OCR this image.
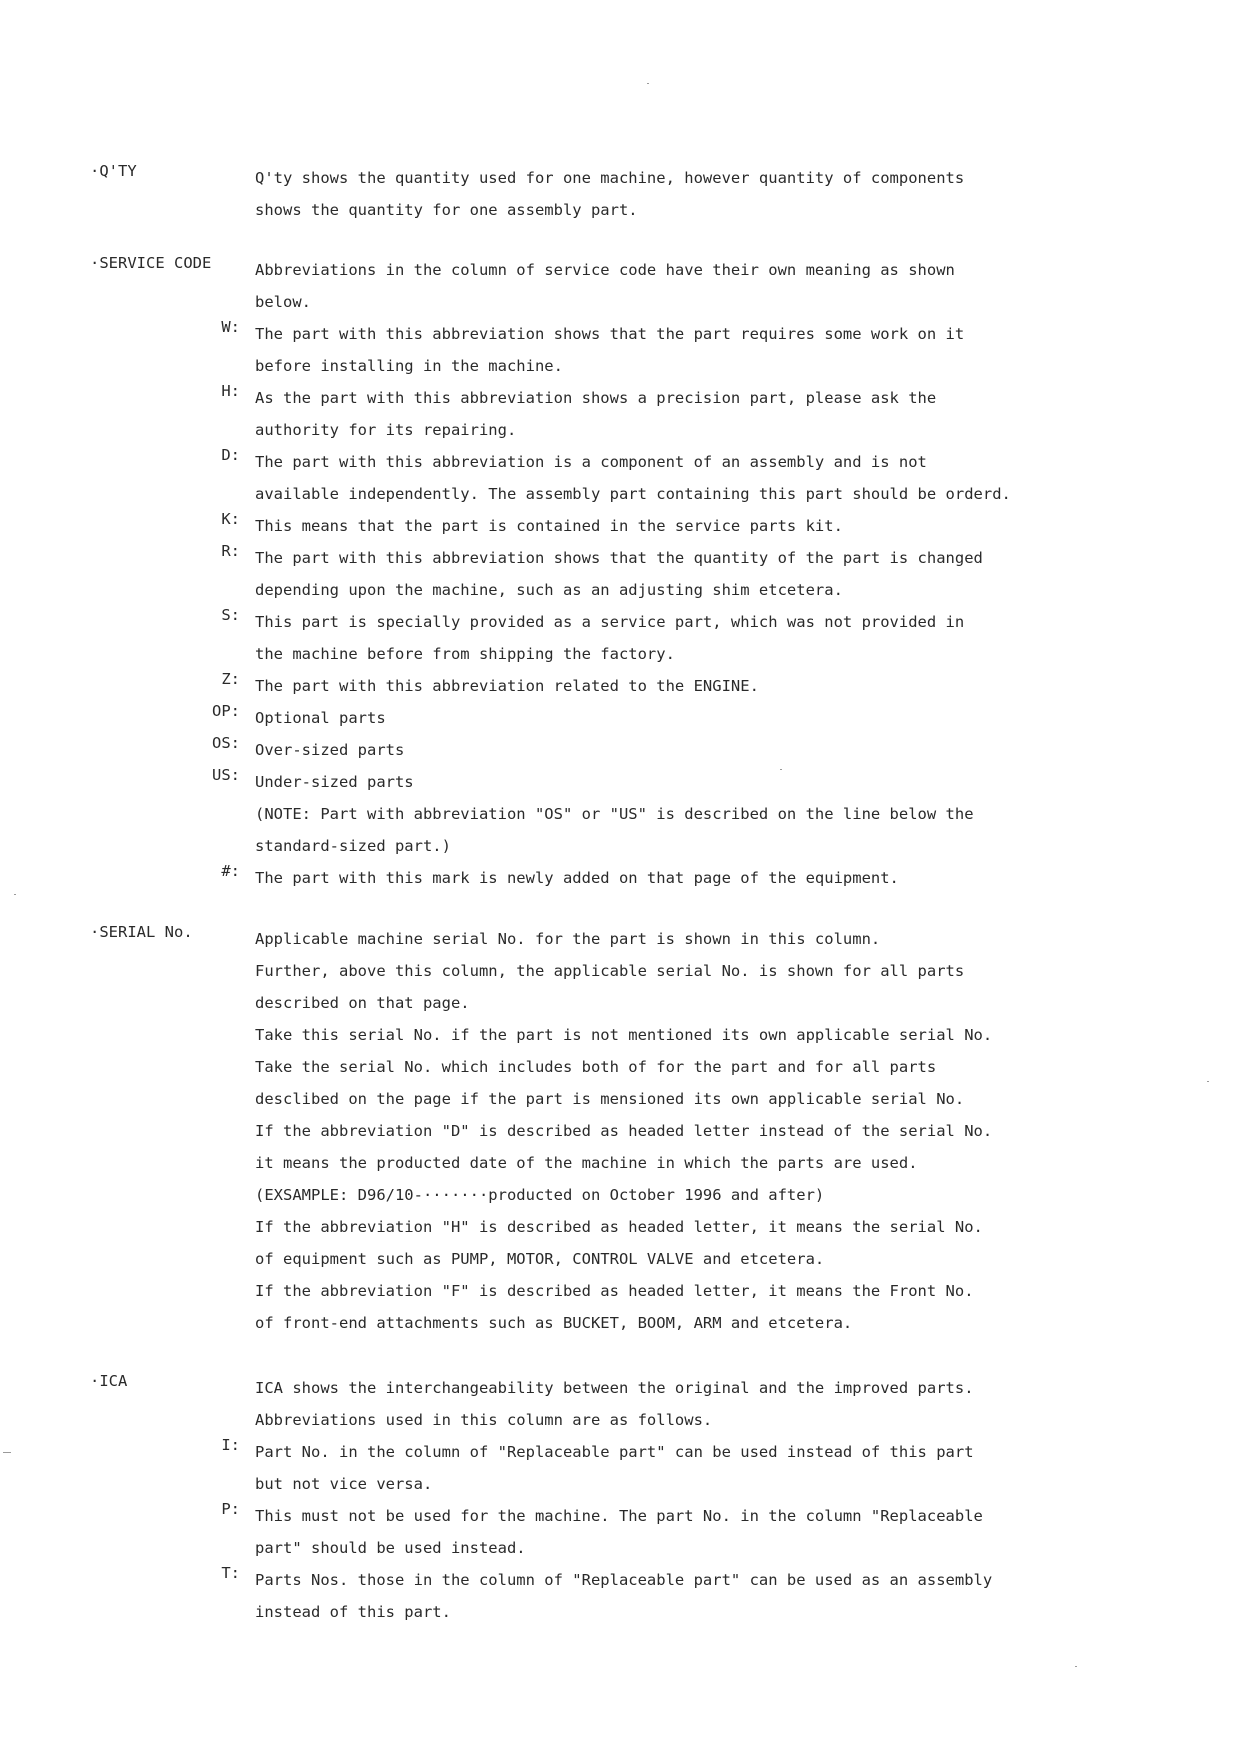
·Q'TY	Q'ty shows the quantity used for one machine, however quantity of components
shows the quantity for one assembly part.
·SERVICE CODE	Abbreviations in the column of service code have their own meaning as shown
below.
W: The part with this abbreviation shows that the part requires some work on it
before installing in the machine.
H: As the part with this abbreviation shows a precision part, please ask the
authority for its repairing.
D: The part with this abbreviation is a component of an assembly and is not
available independently. The assembly part containing this part should be orderd.
K: This means that the part is contained in the service parts kit.
R: The part with this abbreviation shows that the quantity of the part is changed
depending upon the machine, such as an adjusting shim etcetera.
S: This part is specially provided as a service part, which was not provided in
the machine before from shipping the factory.
Z: The part with this abbreviation related to the ENGINE.
OP: Optional parts
OS: Over-sized parts
US: Under-sized parts
(NOTE: Part with abbreviation "OS" or "US" is described on the line below the
standard-sized part.)
#: The part with this mark is newly added on that page of the equipment.
·SERIAL No.	Applicable machine serial No. for the part is shown in this column.
Further, above this column, the applicable serial No. is shown for all parts
described on that page.
Take this serial No. if the part is not mentioned its own applicable serial No.
Take the serial No. which includes both of for the part and for all parts
desclibed on the page if the part is mensioned its own applicable serial No.
If the abbreviation "D" is described as headed letter instead of the serial No.
it means the producted date of the machine in which the parts are used.
(EXSAMPLE: D96/10-·······producted on October 1996 and after)
If the abbreviation "H" is described as headed letter, it means the serial No.
of equipment such as PUMP, MOTOR, CONTROL VALVE and etcetera.
If the abbreviation "F" is described as headed letter, it means the Front No.
of front-end attachments such as BUCKET, BOOM, ARM and etcetera.
·ICA	ICA shows the interchangeability between the original and the improved parts.
Abbreviations used in this column are as follows.
I: Part No. in the column of "Replaceable part" can be used instead of this part
but not vice versa.
P: This must not be used for the machine. The part No. in the column "Replaceable
part" should be used instead.
T: Parts Nos. those in the column of "Replaceable part" can be used as an assembly
instead of this part.
